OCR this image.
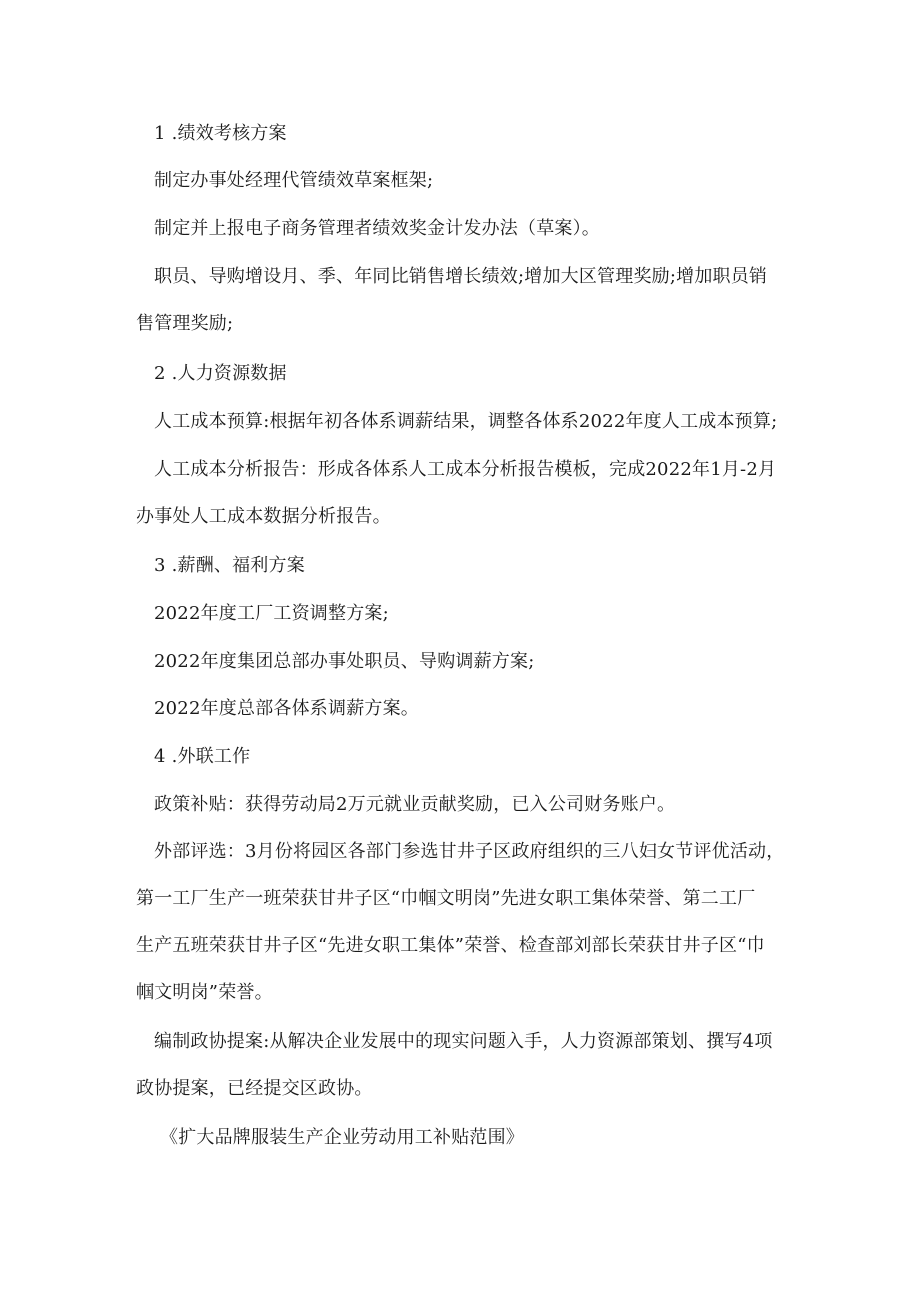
1 .绩效考核方案
制定办事处经理代管绩效草案框架;
制定并上报电子商务管理者绩效奖金计发办法（草案）。
职员、导购增设月、季、年同比销售增长绩效;增加大区管理奖励;增加职员销
售管理奖励;
2 .人力资源数据
人工成本预算:根据年初各体系调薪结果，调整各体系2022年度人工成本预算;
人工成本分析报告：形成各体系人工成本分析报告模板，完成2022年1月-2月
办事处人工成本数据分析报告。
3 .薪酬、福利方案
2022年度工厂工资调整方案;
2022年度集团总部办事处职员、导购调薪方案;
2022年度总部各体系调薪方案。
4 .外联工作
政策补贴：获得劳动局2万元就业贡献奖励，已入公司财务账户。
外部评选：3月份将园区各部门参选甘井子区政府组织的三八妇女节评优活动，
第一工厂生产一班荣获甘井子区“巾帼文明岗”先进女职工集体荣誉、第二工厂
生产五班荣获甘井子区“先进女职工集体”荣誉、检查部刘部长荣获甘井子区“巾
帼文明岗”荣誉。
编制政协提案:从解决企业发展中的现实问题入手，人力资源部策划、撰写4项
政协提案，已经提交区政协。
《扩大品牌服装生产企业劳动用工补贴范围》
